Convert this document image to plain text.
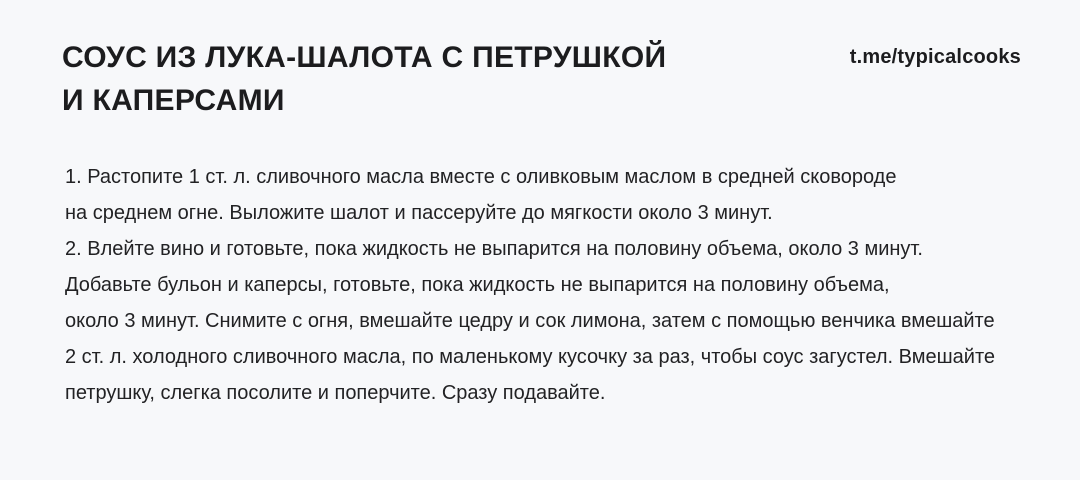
СОУС ИЗ ЛУКА-ШАЛОТА С ПЕТРУШКОЙ
И КАПЕРСАМИ
t.me/typicalcooks
1. Растопите 1 ст. л. сливочного масла вместе с оливковым маслом в средней сковороде
на среднем огне. Выложите шалот и пассеруйте до мягкости около 3 минут.
2. Влейте вино и готовьте, пока жидкость не выпарится на половину объема, около 3 минут.
Добавьте бульон и каперсы, готовьте, пока жидкость не выпарится на половину объема,
около 3 минут. Снимите с огня, вмешайте цедру и сок лимона, затем с помощью венчика вмешайте
2 ст. л. холодного сливочного масла, по маленькому кусочку за раз, чтобы соус загустел. Вмешайте
петрушку, слегка посолите и поперчите. Сразу подавайте.
